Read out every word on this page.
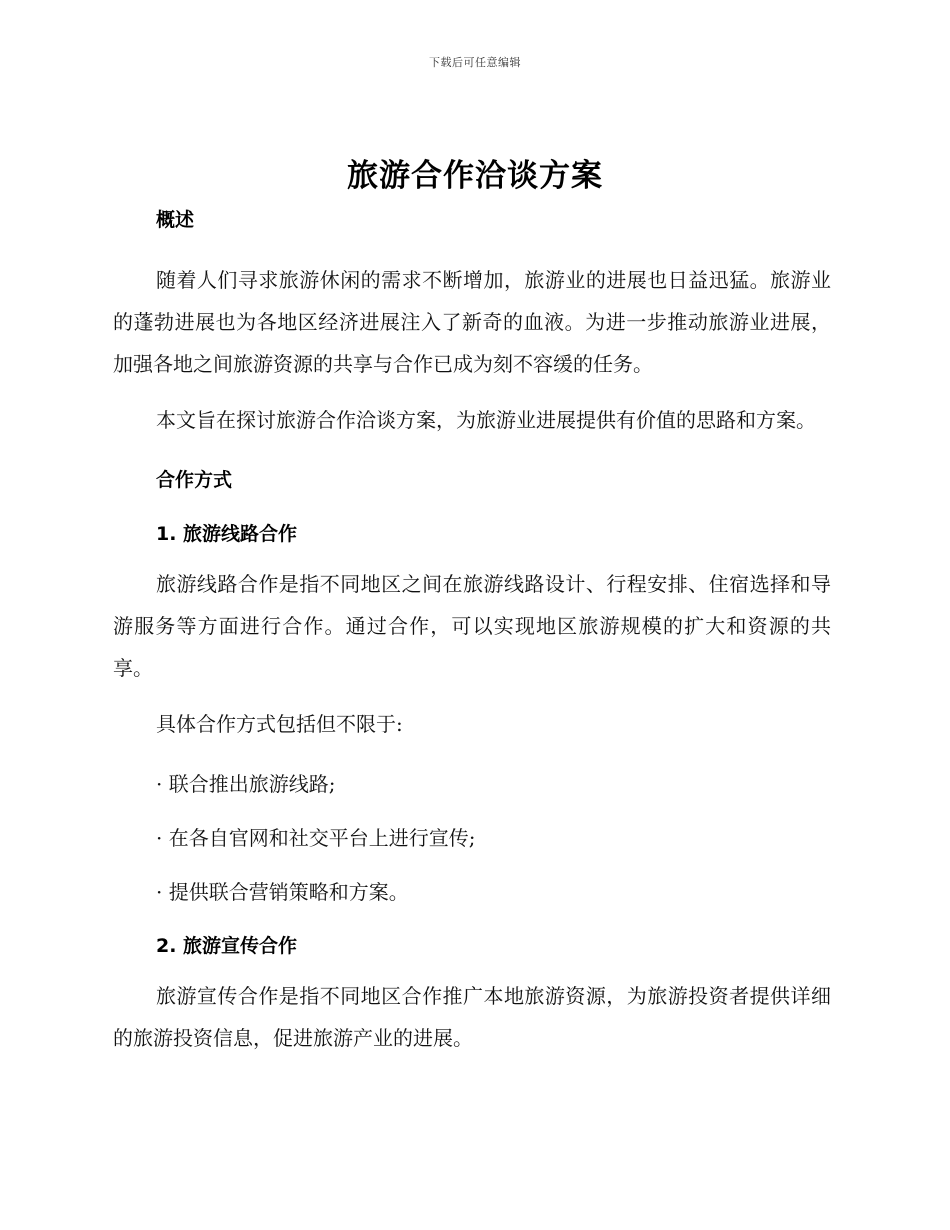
下载后可任意编辑
旅游合作洽谈方案
概述

随着人们寻求旅游休闲的需求不断增加，旅游业的进展也日益迅猛。旅游业的蓬勃进展也为各地区经济进展注入了新奇的血液。为进一步推动旅游业进展，加强各地之间旅游资源的共享与合作已成为刻不容缓的任务。

本文旨在探讨旅游合作洽谈方案，为旅游业进展提供有价值的思路和方案。

合作方式
1. 旅游线路合作

旅游线路合作是指不同地区之间在旅游线路设计、行程安排、住宿选择和导游服务等方面进行合作。通过合作，可以实现地区旅游规模的扩大和资源的共享。

具体合作方式包括但不限于:

· 联合推出旅游线路;

· 在各自官网和社交平台上进行宣传;

· 提供联合营销策略和方案。

2. 旅游宣传合作

旅游宣传合作是指不同地区合作推广本地旅游资源，为旅游投资者提供详细的旅游投资信息，促进旅游产业的进展。
